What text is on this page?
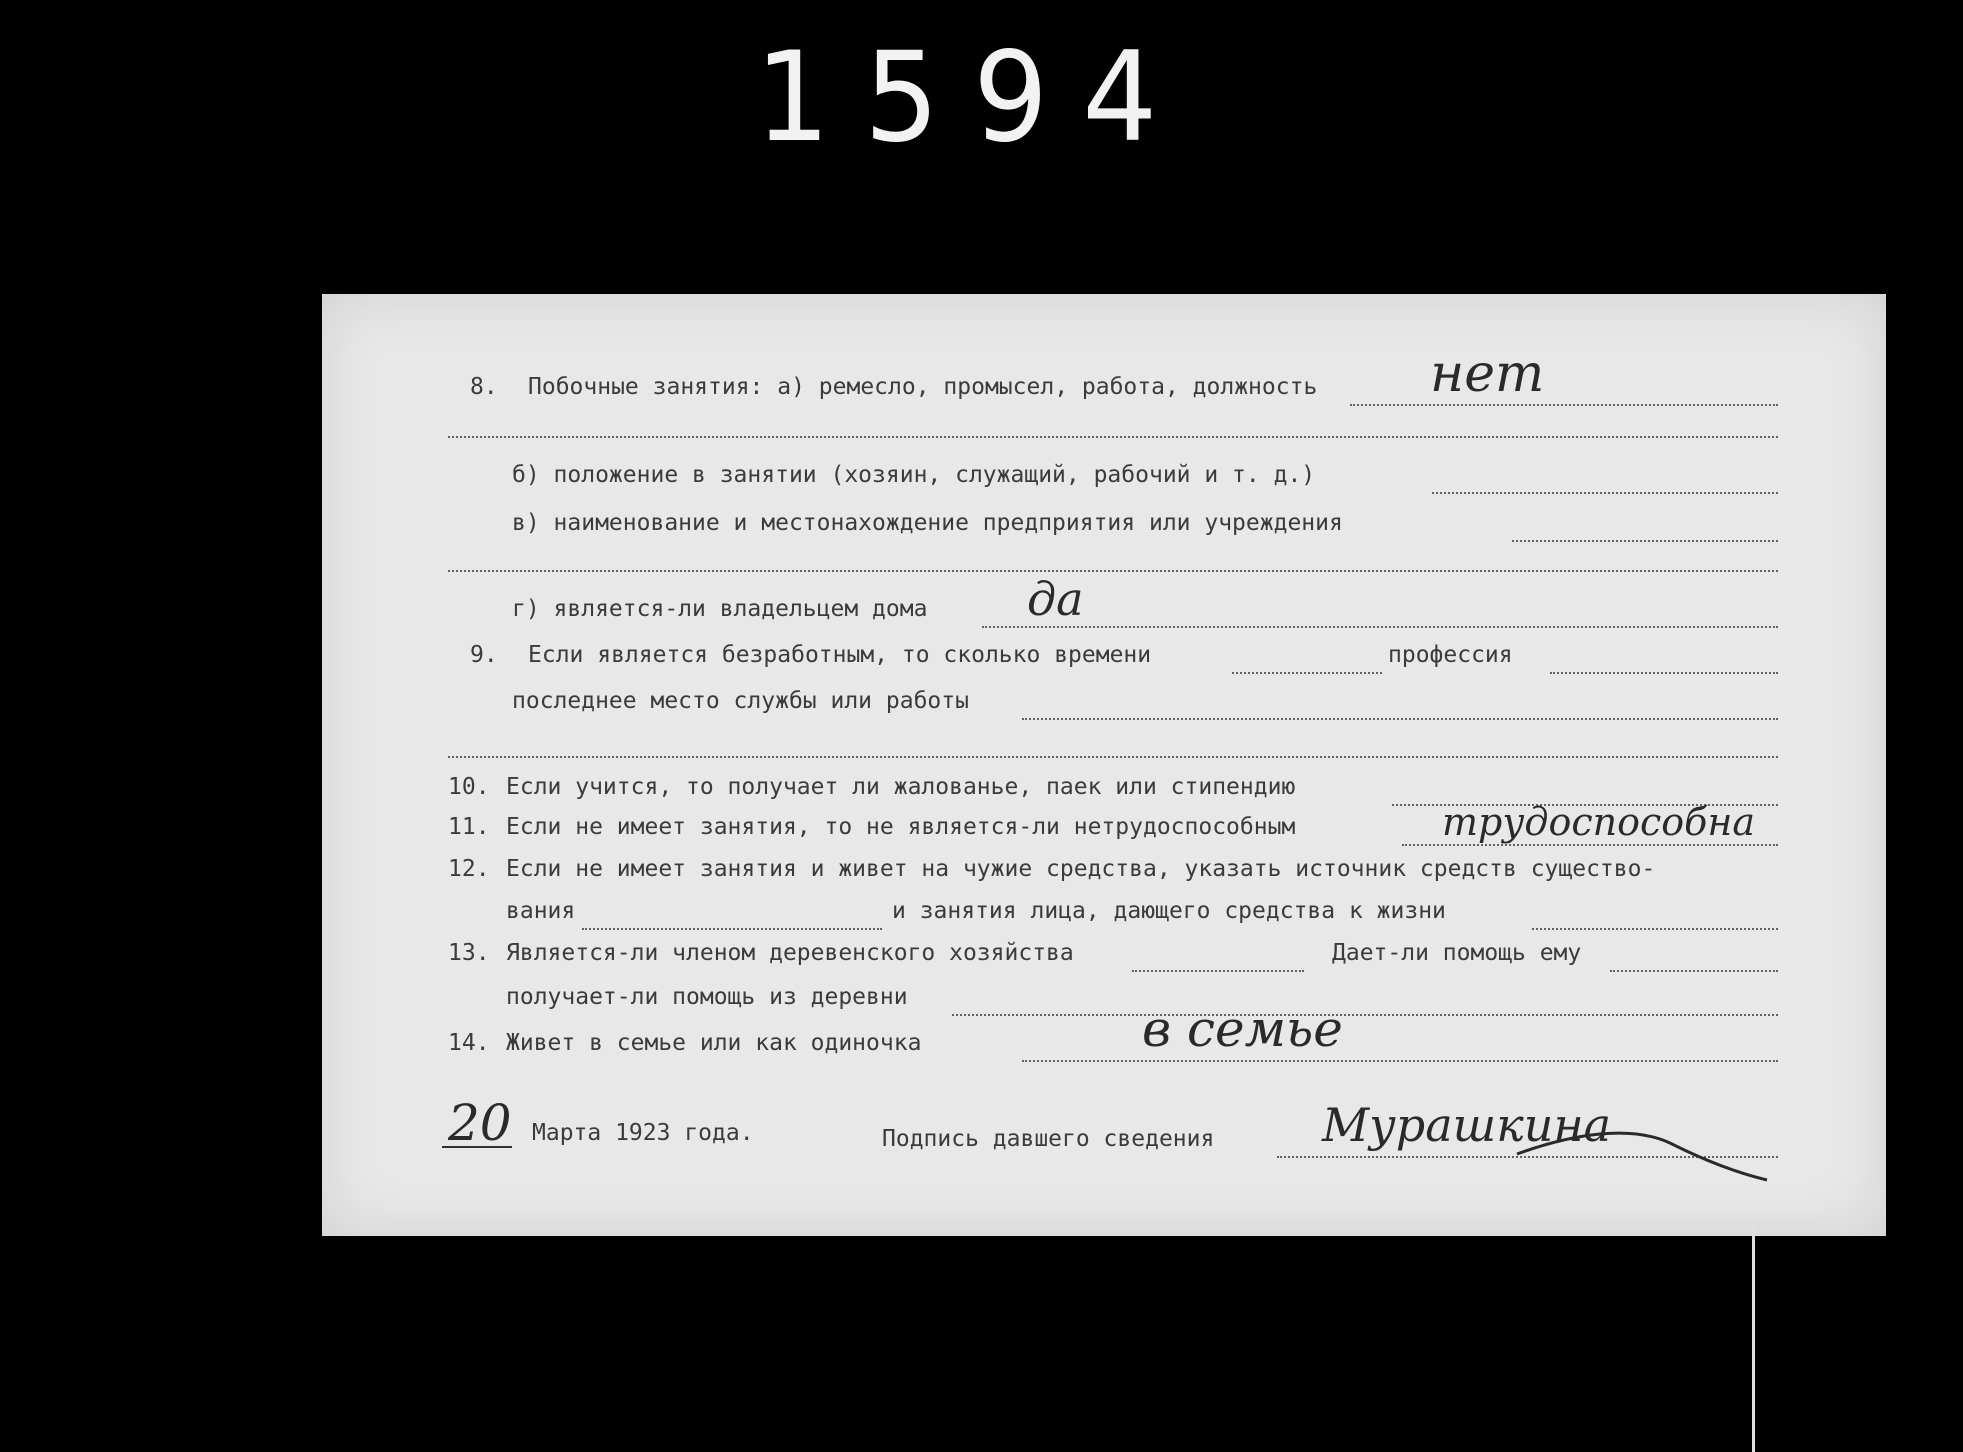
1594
8. Побочные занятия: а) ремесло, промысел, работа, должность нет
б) положение в занятии (хозяин, служащий, рабочий и т. д.)
в) наименование и местонахождение предприятия или учреждения
г) является-ли владельцем дома да
9. Если является безработным, то сколько времени	профессия
последнее место службы или работы
10. Если учится, то получает ли жалованье, паек или стипендию
11. Если не имеет занятия, то не является-ли нетрудоспособным	трудоспособна
12. Если не имеет занятия и живет на чужие средства, указать источник средств существо-
вания	и занятия лица, дающего средства к жизни
13. Является-ли членом деревенского хозяйства	Дает-ли помощь ему
получает-ли помощь из деревни
14. Живет в семье или как одиночка	в семье
20 Марта 1923 года.	Подпись давшего сведения Мурашкина
